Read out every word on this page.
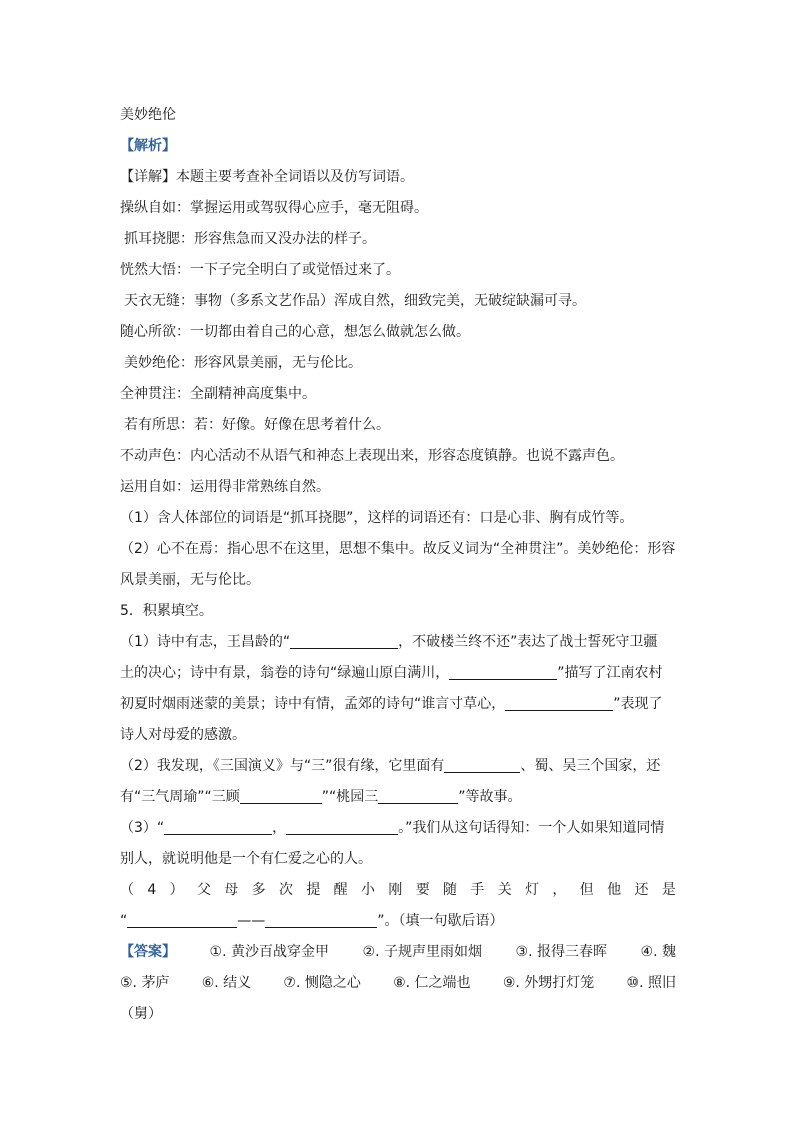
美妙绝伦
【解析】
【详解】本题主要考查补全词语以及仿写词语。
操纵自如：掌握运用或驾驭得心应手，毫无阻碍。
抓耳挠腮：形容焦急而又没办法的样子。
恍然大悟：一下子完全明白了或觉悟过来了。
天衣无缝：事物（多系文艺作品）浑成自然，细致完美，无破绽缺漏可寻。
随心所欲：一切都由着自己的心意，想怎么做就怎么做。
美妙绝伦：形容风景美丽，无与伦比。
全神贯注：全副精神高度集中。
若有所思：若：好像。好像在思考着什么。
不动声色：内心活动不从语气和神态上表现出来，形容态度镇静。也说不露声色。
运用自如：运用得非常熟练自然。
（1）含人体部位的词语是“抓耳挠腮”，这样的词语还有：口是心非、胸有成竹等。
（2）心不在焉：指心思不在这里，思想不集中。故反义词为“全神贯注”。美妙绝伦：形容
风景美丽，无与伦比。
5．积累填空。
（1）诗中有志，王昌龄的“	，不破楼兰终不还”表达了战士誓死守卫疆
土的决心；诗中有景，翁卷的诗句“绿遍山原白满川，	”描写了江南农村
初夏时烟雨迷蒙的美景；诗中有情，孟郊的诗句“谁言寸草心，	”表现了
诗人对母爱的感激。
（2）我发现，《三国演义》与“三”很有缘，它里面有	、蜀、吴三个国家，还
有“三气周瑜”“三顾	”“桃园三	”等故事。
（3）“	，	。”我们从这句话得知：一个人如果知道同情
别人，就说明他是一个有仁爱之心的人。
（ 4 ） 父 母 多 次 提 醒 小 刚 要 随 手 关 灯 ， 但 他 还 是
“	——	”。（填一句歇后语）
【答案】 ①. 黄沙百战穿金甲 ②. 子规声里雨如烟 ③. 报得三春晖 ④. 魏
⑤. 茅庐 ⑥. 结义 ⑦. 恻隐之心 ⑧. 仁之端也 ⑨. 外甥打灯笼 ⑩. 照旧
（舅）
